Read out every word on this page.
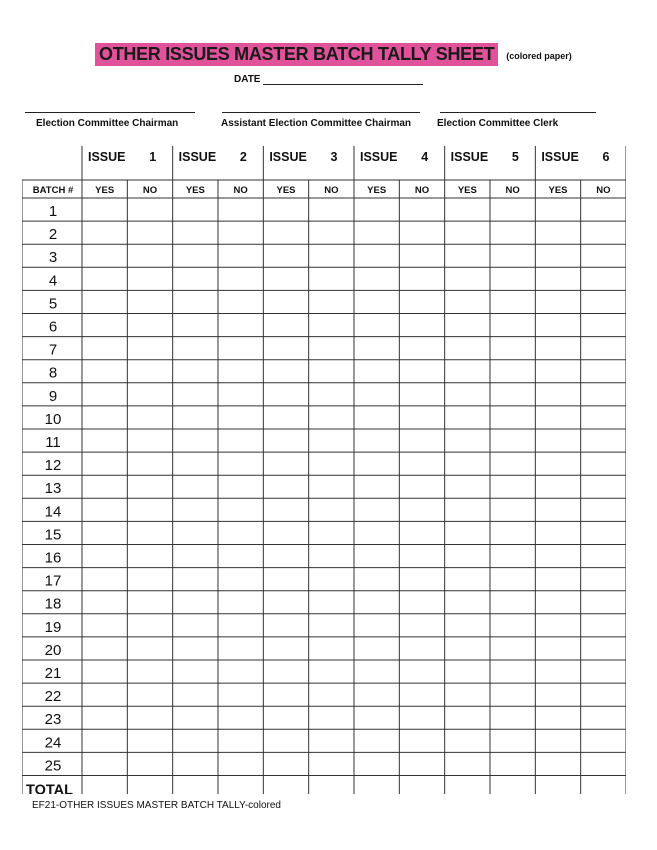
OTHER ISSUES MASTER BATCH TALLY SHEET	(colored paper)
DATE
Election Committee Chairman	Assistant Election Committee Chairman	Election Committee Clerk
ISSUE 1 ISSUE 2 ISSUE 3 ISSUE 4 ISSUE 5 ISSUE 6
BATCH # YES	NO	YES	NO	YES	NO	YES	NO	YES	NO	YES	NO
1
2
3
4
5
6
7
8
9
10
11
12
13
14
15
16
17
18
19
20
21
22
23
24
25
TOTAL
EF21-OTHER ISSUES MASTER BATCH TALLY-colored
